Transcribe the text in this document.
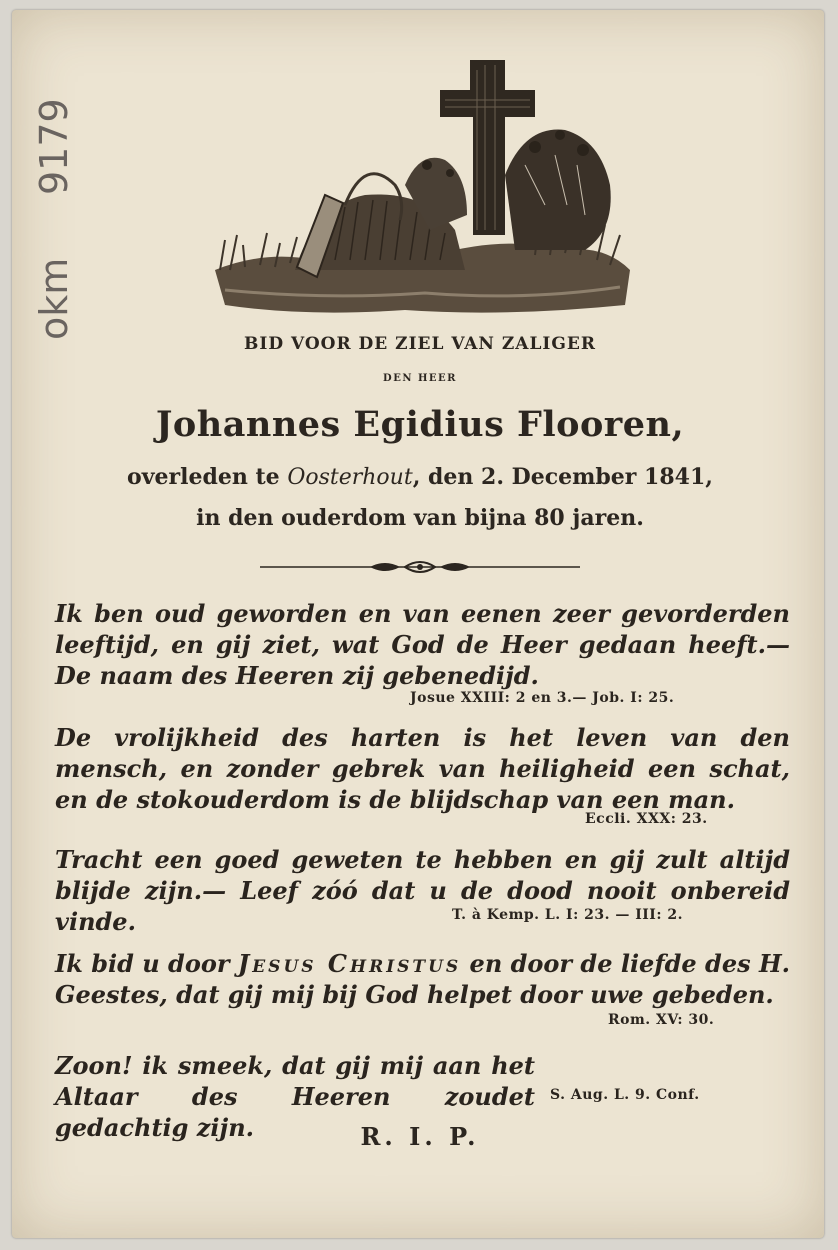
9179
okm
BID VOOR DE ZIEL VAN ZALIGER
DEN HEER
Johannes Egidius Flooren,
overleden te Oosterhout, den 2. December 1841,
in den ouderdom van bijna 80 jaren.
Ik ben oud geworden en van eenen zeer gevorderden leeftijd, en gij ziet, wat God de Heer gedaan heeft.— De naam des Heeren zij gebenedijd.
Josue XXIII: 2 en 3.— Job. I: 25.
De vrolijkheid des harten is het leven van den mensch, en zonder gebrek van heiligheid een schat, en de stokouderdom is de blijdschap van een man.
Eccli. XXX: 23.
Tracht een goed geweten te hebben en gij zult altijd blijde zijn.— Leef zóó dat u de dood nooit onbereid vinde.	T. à Kemp. L. I: 23. — III: 2.
Ik bid u door Jesus Christus en door de liefde des H. Geestes, dat gij mij bij God helpet door uwe gebeden.
Rom. XV: 30.
Zoon! ik smeek, dat gij mij aan het Altaar des Heeren zoudet gedachtig zijn.
S. Aug. L. 9. Conf.
R. I. P.
